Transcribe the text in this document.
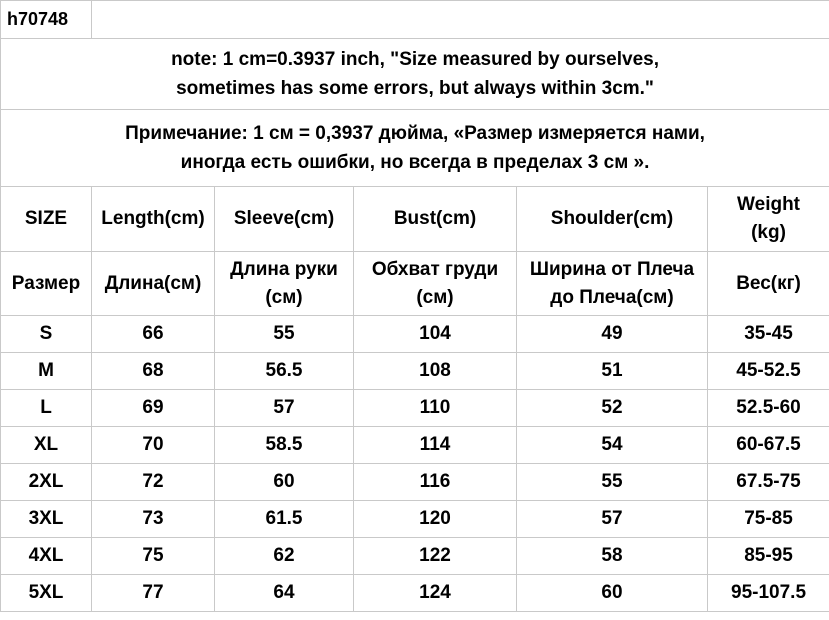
h70748					

note: 1 cm=0.3937 inch, "Size measured by ourselves,
sometimes has some errors, but always within 3cm."					

Примечание: 1 см = 0,3937 дюйма, «Размер измеряется нами,
иногда есть ошибки, но всегда в пределах 3 см ».					

SIZE	Length(cm)	Sleeve(cm)	Bust(cm)	Shoulder(cm)	Weight
(kg)

Размер	Длина(см)	Длина руки
(см)	Обхват груди
(см)	Ширина от Плеча
до Плеча(см)	Вес(кг)
S	66	55	104	49	35-45
M	68	56.5	108	51	45-52.5
L	69	57	110	52	52.5-60
XL	70	58.5	114	54	60-67.5
2XL	72	60	116	55	67.5-75
3XL	73	61.5	120	57	75-85
4XL	75	62	122	58	85-95
5XL	77	64	124	60	95-107.5
